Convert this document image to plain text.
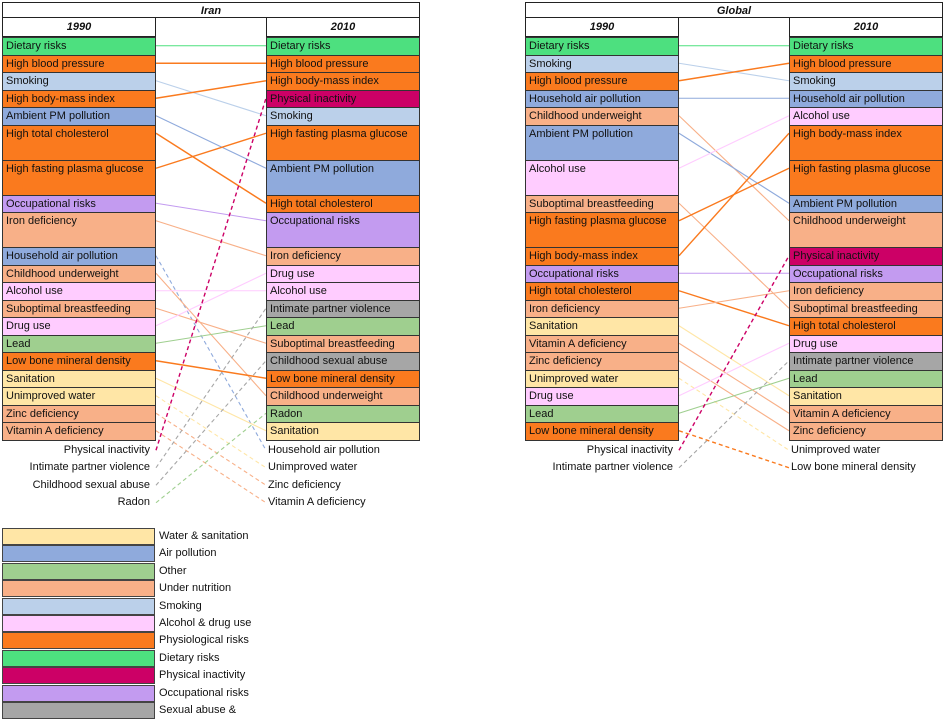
Iran
1990	2010
Dietary risks
High blood pressure
Smoking
High body-mass index
Ambient PM pollution
High total cholesterol
High fasting plasma glucose
Occupational risks
Iron deficiency
Household air pollution
Childhood underweight
Alcohol use
Suboptimal breastfeeding
Drug use
Lead
Low bone mineral density
Sanitation
Unimproved water
Zinc deficiency
Vitamin A deficiency
Dietary risks
High blood pressure
High body-mass index
Physical inactivity
Smoking
High fasting plasma glucose
Ambient PM pollution
High total cholesterol
Occupational risks
Iron deficiency
Drug use
Alcohol use
Intimate partner violence
Lead
Suboptimal breastfeeding
Childhood sexual abuse
Low bone mineral density
Childhood underweight
Radon
Sanitation
Physical inactivity
Intimate partner violence
Childhood sexual abuse
Radon
Household air pollution
Unimproved water
Zinc deficiency
Vitamin A deficiency
Global
1990	2010
Dietary risks
Smoking
High blood pressure
Household air pollution
Childhood underweight
Ambient PM pollution
Alcohol use
Suboptimal breastfeeding
High fasting plasma glucose
High body-mass index
Occupational risks
High total cholesterol
Iron deficiency
Sanitation
Vitamin A deficiency
Zinc deficiency
Unimproved water
Drug use
Lead
Low bone mineral density
Dietary risks
High blood pressure
Smoking
Household air pollution
Alcohol use
High body-mass index
High fasting plasma glucose
Ambient PM pollution
Childhood underweight
Physical inactivity
Occupational risks
Iron deficiency
Suboptimal breastfeeding
High total cholesterol
Drug use
Intimate partner violence
Lead
Sanitation
Vitamin A deficiency
Zinc deficiency
Physical inactivity
Intimate partner violence
Unimproved water
Low bone mineral density
Water & sanitation
Air pollution
Other
Under nutrition
Smoking
Alcohol & drug use
Physiological risks
Dietary risks
Physical inactivity
Occupational risks
Sexual abuse &
